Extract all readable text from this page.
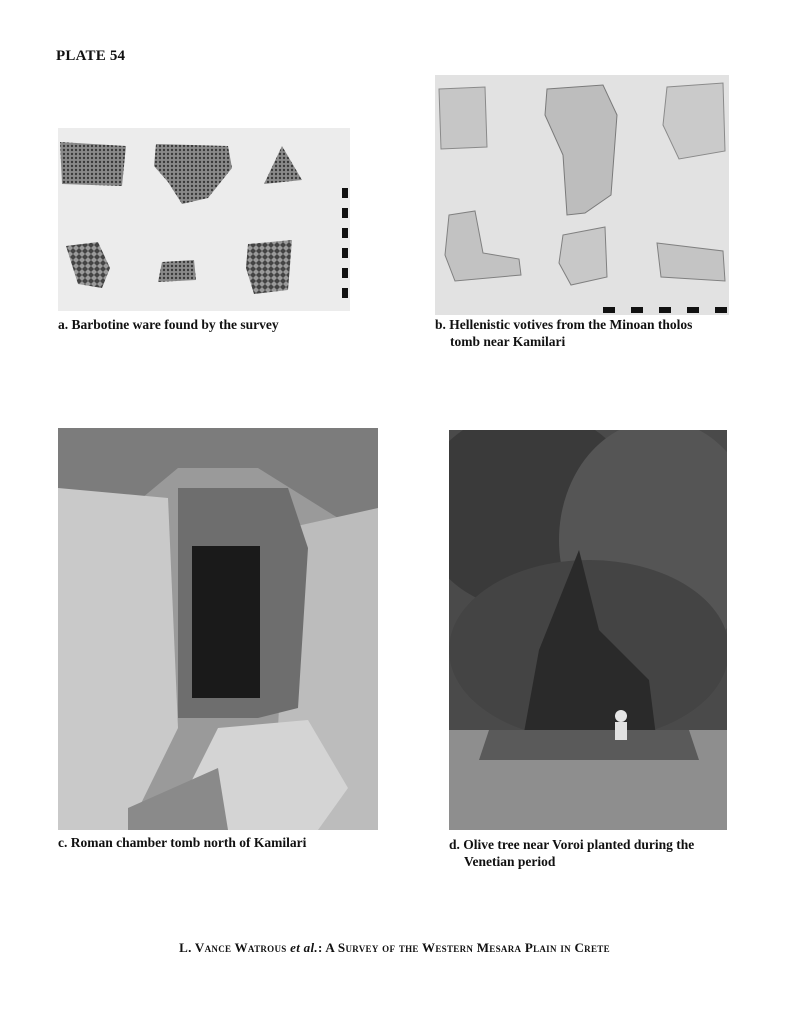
PLATE 54
a. Barbotine ware found by the survey	b. Hellenistic votives from the Minoan tholos
tomb near Kamilari
c. Roman chamber tomb north of Kamilari	d. Olive tree near Voroi planted during the
Venetian period
L. Vance Watrous et al.: A Survey of the Western Mesara Plain in Crete
